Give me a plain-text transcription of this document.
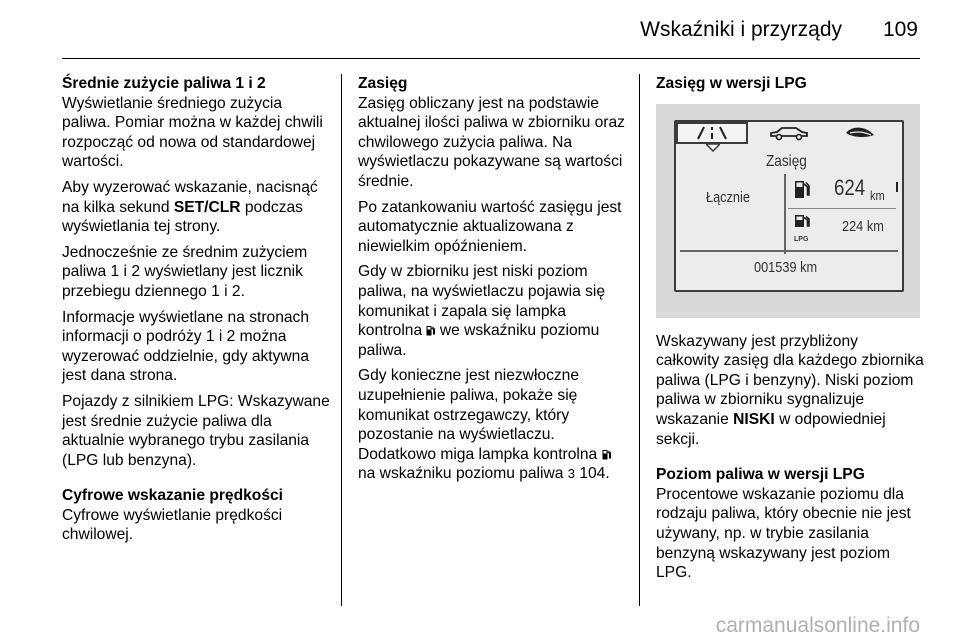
Wskaźniki i przyrządy 109
Średnie zużycie paliwa 1 i 2

Wyświetlanie średniego zużycia paliwa. Pomiar można w każdej chwili rozpocząć od nowa od standardowej wartości.

Aby wyzerować wskazanie, nacisnąć na kilka sekund SET/CLR podczas wyświetlania tej strony.

Jednocześnie ze średnim zużyciem paliwa 1 i 2 wyświetlany jest licznik przebiegu dziennego 1 i 2.

Informacje wyświetlane na stronach informacji o podróży 1 i 2 można wyzerować oddzielnie, gdy aktywna jest dana strona.

Pojazdy z silnikiem LPG: Wskazywane jest średnie zużycie paliwa dla aktualnie wybranego trybu zasilania (LPG lub benzyna).

Cyfrowe wskazanie prędkości

Cyfrowe wyświetlanie prędkości chwilowej.

Zasięg

Zasięg obliczany jest na podstawie aktualnej ilości paliwa w zbiorniku oraz chwilowego zużycia paliwa. Na wyświetlaczu pokazywane są wartości średnie.

Po zatankowaniu wartość zasięgu jest automatycznie aktualizowana z niewielkim opóźnieniem.

Gdy w zbiorniku jest niski poziom paliwa, na wyświetlaczu pojawia się komunikat i zapala się lampka kontrolna  we wskaźniku poziomu paliwa.

Gdy konieczne jest niezwłoczne uzupełnienie paliwa, pokaże się komunikat ostrzegawczy, który pozostanie na wyświetlaczu. Dodatkowo miga lampka kontrolna  na wskaźniku poziomu paliwa 3 104.

Zasięg w wersji LPG
Zasięg
Łącznie	624 km
LPG
224 km
001539 km

Wskazywany jest przybliżony całkowity zasięg dla każdego zbiornika paliwa (LPG i benzyny). Niski poziom paliwa w zbiorniku sygnalizuje wskazanie NISKI w odpowiedniej sekcji.

Poziom paliwa w wersji LPG

Procentowe wskazanie poziomu dla rodzaju paliwa, który obecnie nie jest używany, np. w trybie zasilania benzyną wskazywany jest poziom LPG.

carmanualsonline.info
